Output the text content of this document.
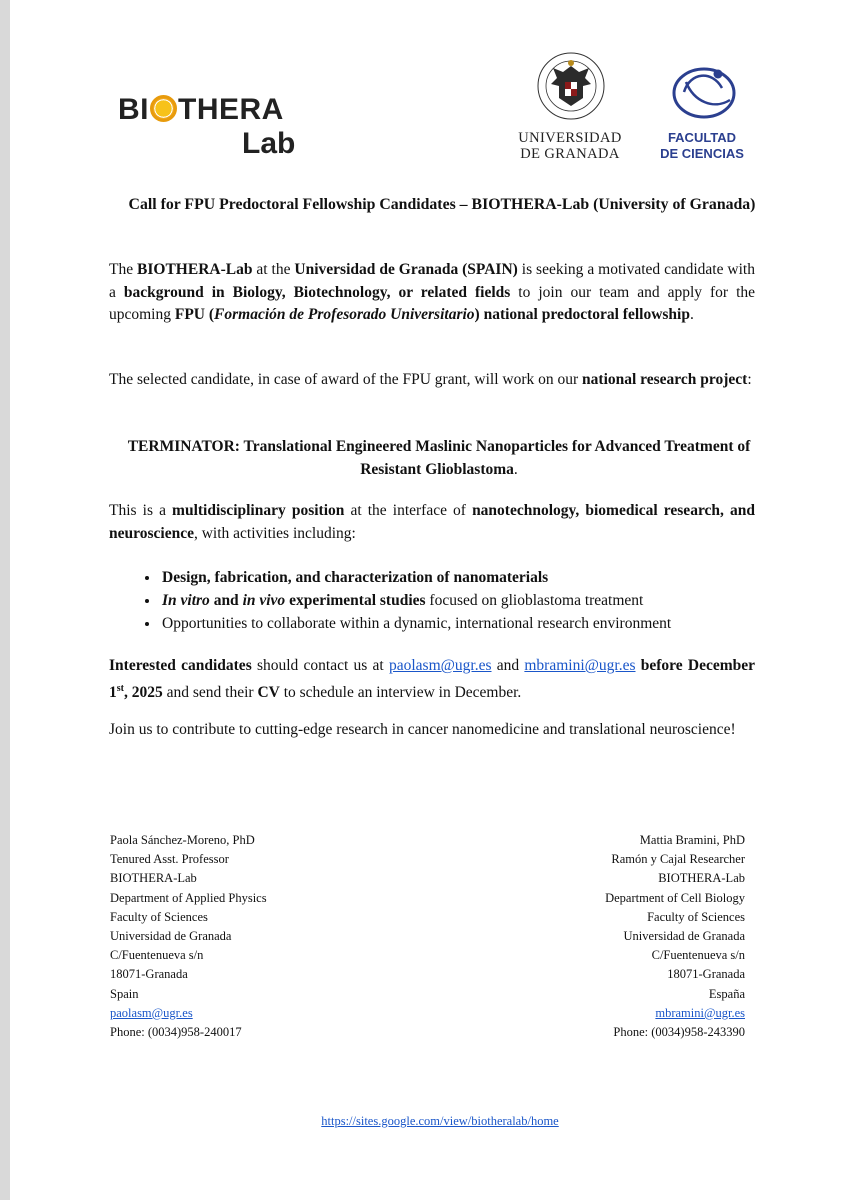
BI THERA
Lab	UNIVERSIDAD
DE GRANADA
FACULTAD
DE CIENCIAS
Call for FPU Predoctoral Fellowship Candidates – BIOTHERA-Lab (University of Granada)
The BIOTHERA-Lab at the Universidad de Granada (SPAIN) is seeking a motivated candidate with a background in Biology, Biotechnology, or related fields to join our team and apply for the upcoming FPU (Formación de Profesorado Universitario) national predoctoral fellowship.
The selected candidate, in case of award of the FPU grant, will work on our national research project:
TERMINATOR: Translational Engineered Maslinic Nanoparticles for Advanced Treatment of Resistant Glioblastoma.
This is a multidisciplinary position at the interface of nanotechnology, biomedical research, and neuroscience, with activities including:
• Design, fabrication, and characterization of nanomaterials
• In vitro and in vivo experimental studies focused on glioblastoma treatment
• Opportunities to collaborate within a dynamic, international research environment
Interested candidates should contact us at paolasm@ugr.es and mbramini@ugr.es before December 1st, 2025 and send their CV to schedule an interview in December.
Join us to contribute to cutting-edge research in cancer nanomedicine and translational neuroscience!
Paola Sánchez-Moreno, PhD
Tenured Asst. Professor
BIOTHERA-Lab
Department of Applied Physics
Faculty of Sciences
Universidad de Granada
C/Fuentenueva s/n
18071-Granada
Spain
paolasm@ugr.es
Phone: (0034)958-240017
Mattia Bramini, PhD
Ramón y Cajal Researcher
BIOTHERA-Lab
Department of Cell Biology
Faculty of Sciences
Universidad de Granada
C/Fuentenueva s/n
18071-Granada
España
mbramini@ugr.es
Phone: (0034)958-243390
https://sites.google.com/view/biotheralab/home
